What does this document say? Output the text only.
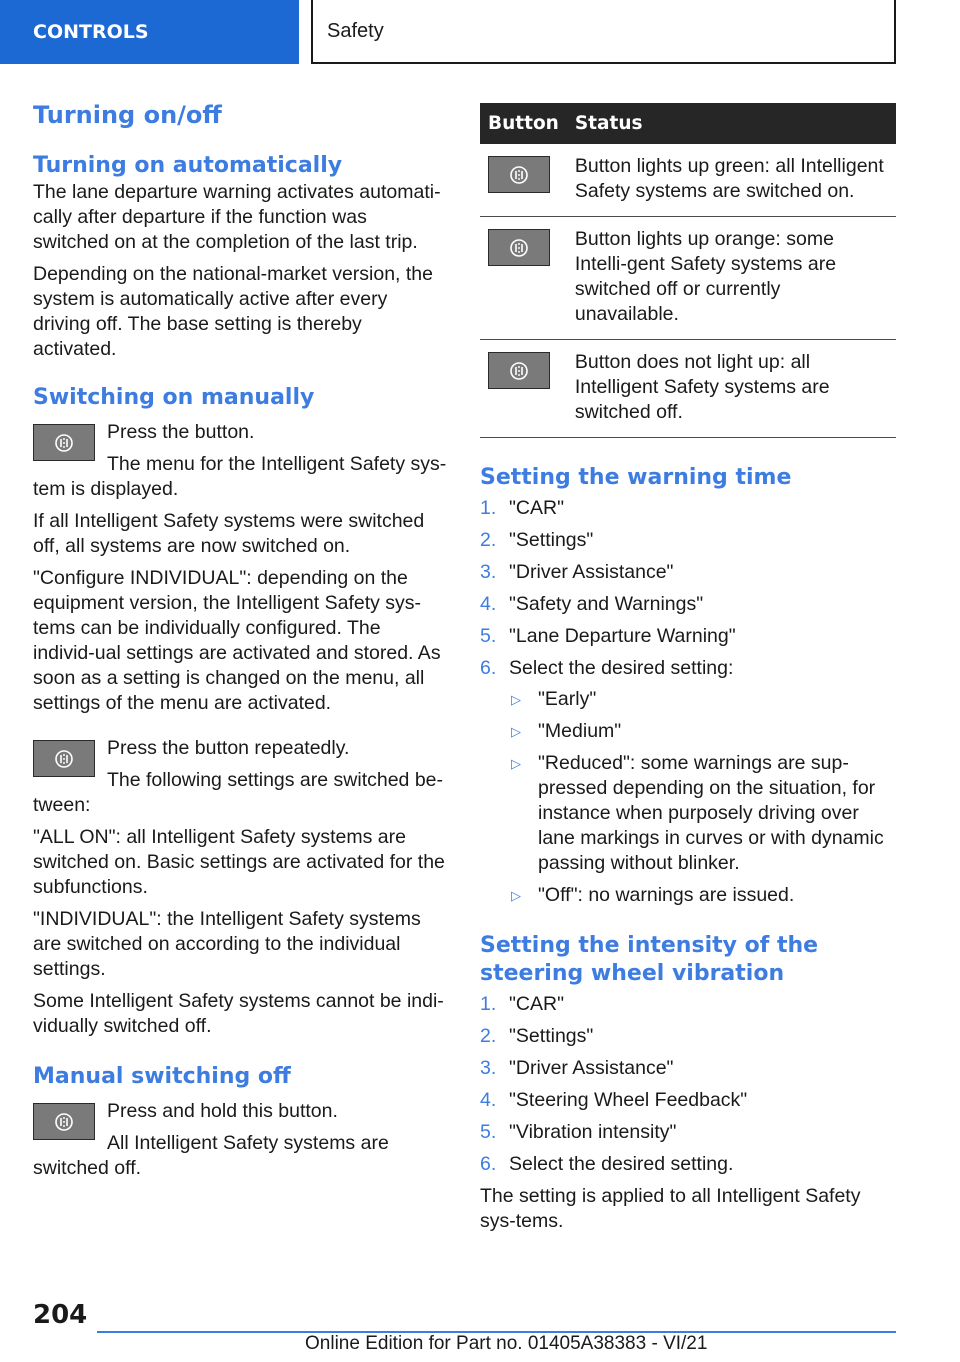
CONTROLS	Safety
Turning on/off
Turning on automatically

The lane departure warning activates automati-cally after departure if the function was switched on at the completion of the last trip.

Depending on the national-market version, the system is automatically active after every driving off. The base setting is thereby activated.

Switching on manually

Press the button.

The menu for the Intelligent Safety sys-tem is displayed.

If all Intelligent Safety systems were switched off, all systems are now switched on.

"Configure INDIVIDUAL": depending on the equipment version, the Intelligent Safety sys-tems can be individually configured. The individ-ual settings are activated and stored. As soon as a setting is changed on the menu, all settings of the menu are activated.

Press the button repeatedly.

The following settings are switched be-tween:

"ALL ON": all Intelligent Safety systems are switched on. Basic settings are activated for the subfunctions.

"INDIVIDUAL": the Intelligent Safety systems are switched on according to the individual settings.

Some Intelligent Safety systems cannot be indi-vidually switched off.

Manual switching off

Press and hold this button.

All Intelligent Safety systems are switched off.

Button	Status

	Button lights up green: all Intelligent Safety systems are switched on.

	Button lights up orange: some Intelli-gent Safety systems are switched off or currently unavailable.

	Button does not light up: all Intelligent Safety systems are switched off.
Setting the warning time
1. "CAR"
2. "Settings"
3. "Driver Assistance"
4. "Safety and Warnings"
5. "Lane Departure Warning"
6. Select the desired setting:
▷ "Early"
▷ "Medium"
▷ "Reduced": some warnings are sup-pressed depending on the situation, for instance when purposely driving over lane markings in curves or with dynamic passing without blinker.
▷ "Off": no warnings are issued.
Setting the intensity of the steering wheel vibration
1. "CAR"
2. "Settings"
3. "Driver Assistance"
4. "Steering Wheel Feedback"
5. "Vibration intensity"
6. Select the desired setting.

The setting is applied to all Intelligent Safety sys-tems.

204
Online Edition for Part no. 01405A38383 - VI/21
